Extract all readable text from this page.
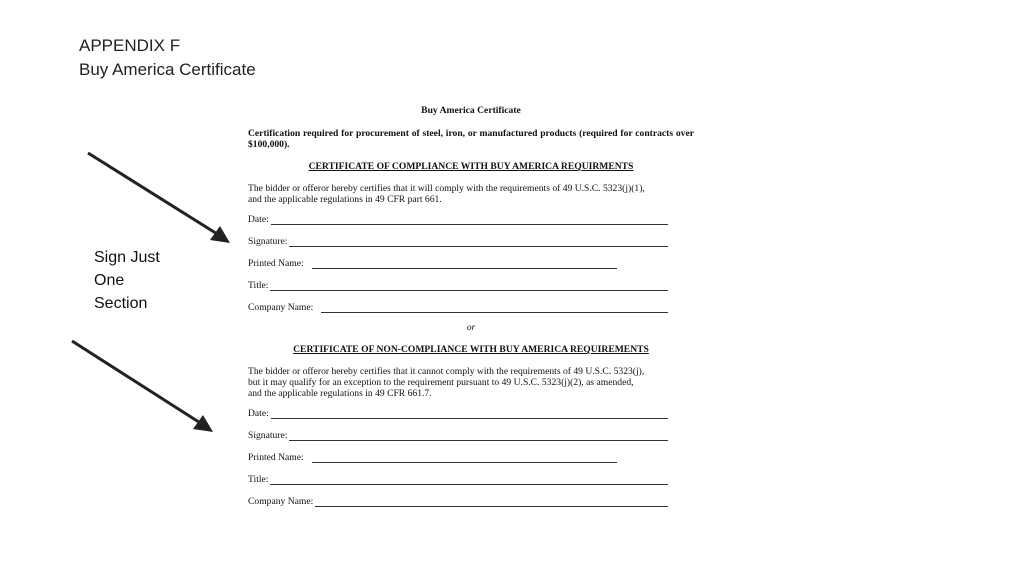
APPENDIX F
Buy America Certificate
Sign Just
One
Section
Buy America Certificate
Certification required for procurement of steel, iron, or manufactured products (required for contracts over $100,000).
CERTIFICATE OF COMPLIANCE WITH BUY AMERICA REQUIRMENTS
The bidder or offeror hereby certifies that it will comply with the requirements of 49 U.S.C. 5323(j)(1),
and the applicable regulations in 49 CFR part 661.
Date:
Signature:
Printed Name:
Title:
Company Name:
or
CERTIFICATE OF NON-COMPLIANCE WITH BUY AMERICA REQUIREMENTS
The bidder or offeror hereby certifies that it cannot comply with the requirements of 49 U.S.C. 5323(j),
but it may qualify for an exception to the requirement pursuant to 49 U.S.C. 5323(j)(2), as amended,
and the applicable regulations in 49 CFR 661.7.
Date:
Signature:
Printed Name:
Title:
Company Name:
